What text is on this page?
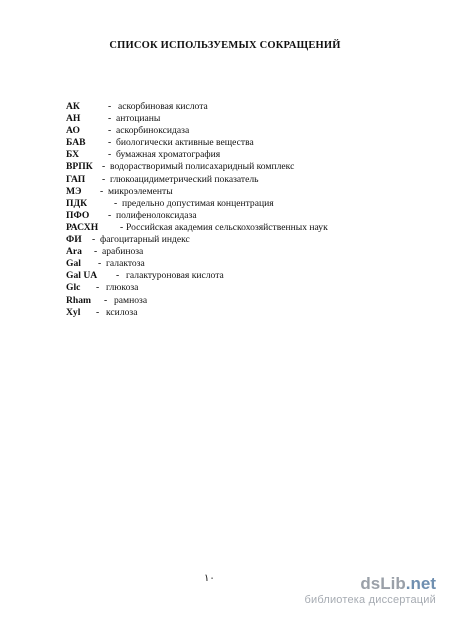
СПИСОК ИСПОЛЬЗУЕМЫХ СОКРАЩЕНИЙ
АК	- аскорбиновая кислота
АН	- антоцианы
АО	- аскорбиноксидаза
БАВ - биологически активные вещества
БХ	- бумажная хроматография
ВРПК - водорастворимый полисахаридный комплекс
ГАП - глюкоацидиметрический показатель
МЭ - микроэлементы
ПДК	- предельно допустимая концентрация
ПФО - полифенолоксидаза
РАСХН - Российская академия сельскохозяйственных наук
ФИ - фагоцитарный индекс
Ara - арабиноза
Gal - галактоза
Gal UA - галактуроновая кислота
Glc - глюкоза
Rham - рамноза
Xyl - ксилоза
۱۰	dsLib.net
библиотека диссертаций
